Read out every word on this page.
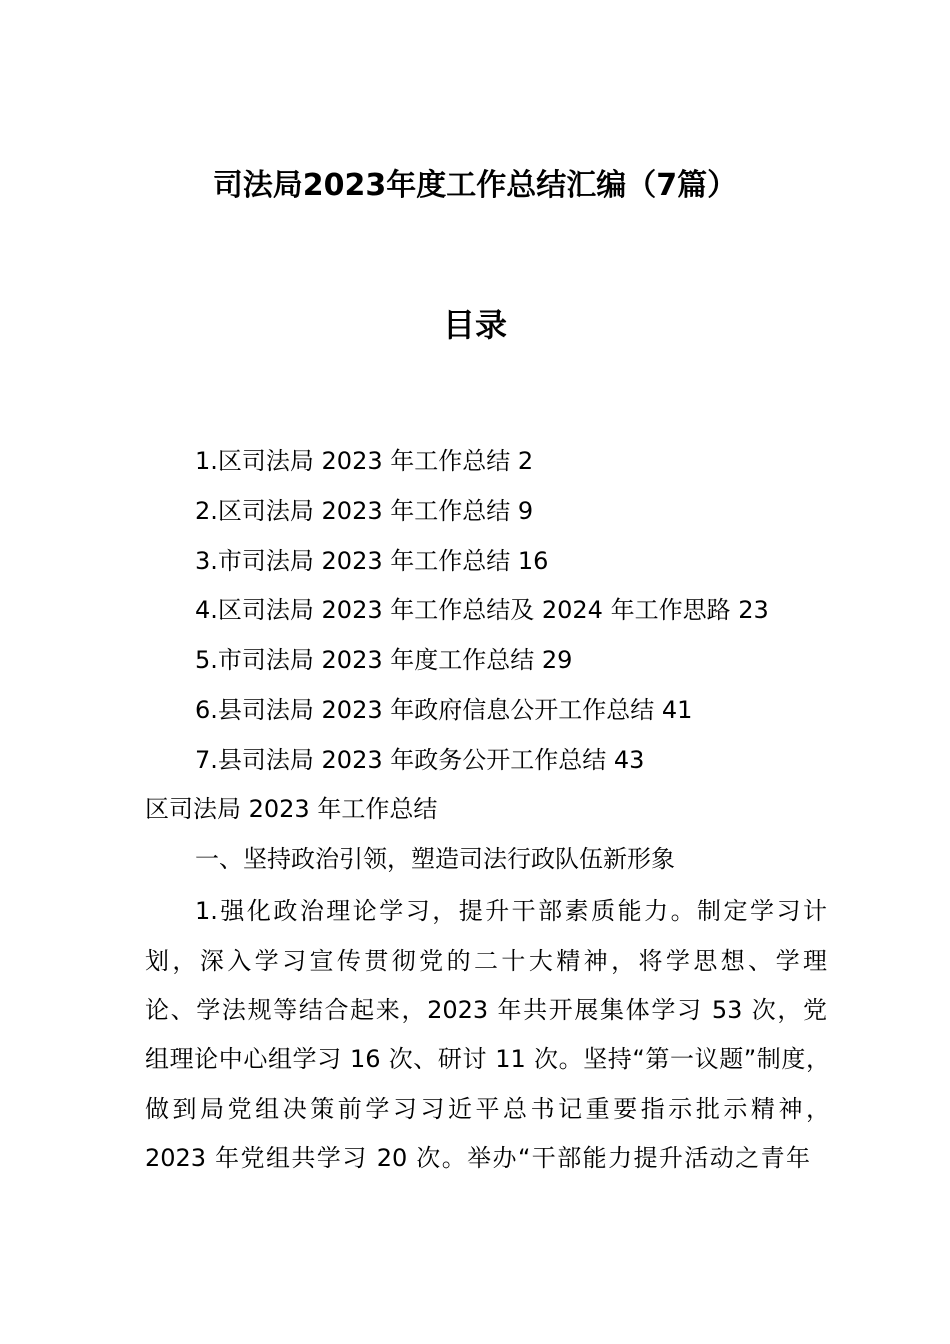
司法局2023年度工作总结汇编（7篇）
目录
1.区司法局 2023 年工作总结 2
2.区司法局 2023 年工作总结 9
3.市司法局 2023 年工作总结 16
4.区司法局 2023 年工作总结及 2024 年工作思路 23
5.市司法局 2023 年度工作总结 29
6.县司法局 2023 年政府信息公开工作总结 41
7.县司法局 2023 年政务公开工作总结 43
区司法局 2023 年工作总结
一、坚持政治引领，塑造司法行政队伍新形象
1.强化政治理论学习，提升干部素质能力。制定学习计
划，深入学习宣传贯彻党的二十大精神，将学思想、学理
论、学法规等结合起来，2023 年共开展集体学习 53 次，党
组理论中心组学习 16 次、研讨 11 次。坚持“第一议题”制度，
做到局党组决策前学习习近平总书记重要指示批示精神，
2023 年党组共学习 20 次。举办“干部能力提升活动之青年
